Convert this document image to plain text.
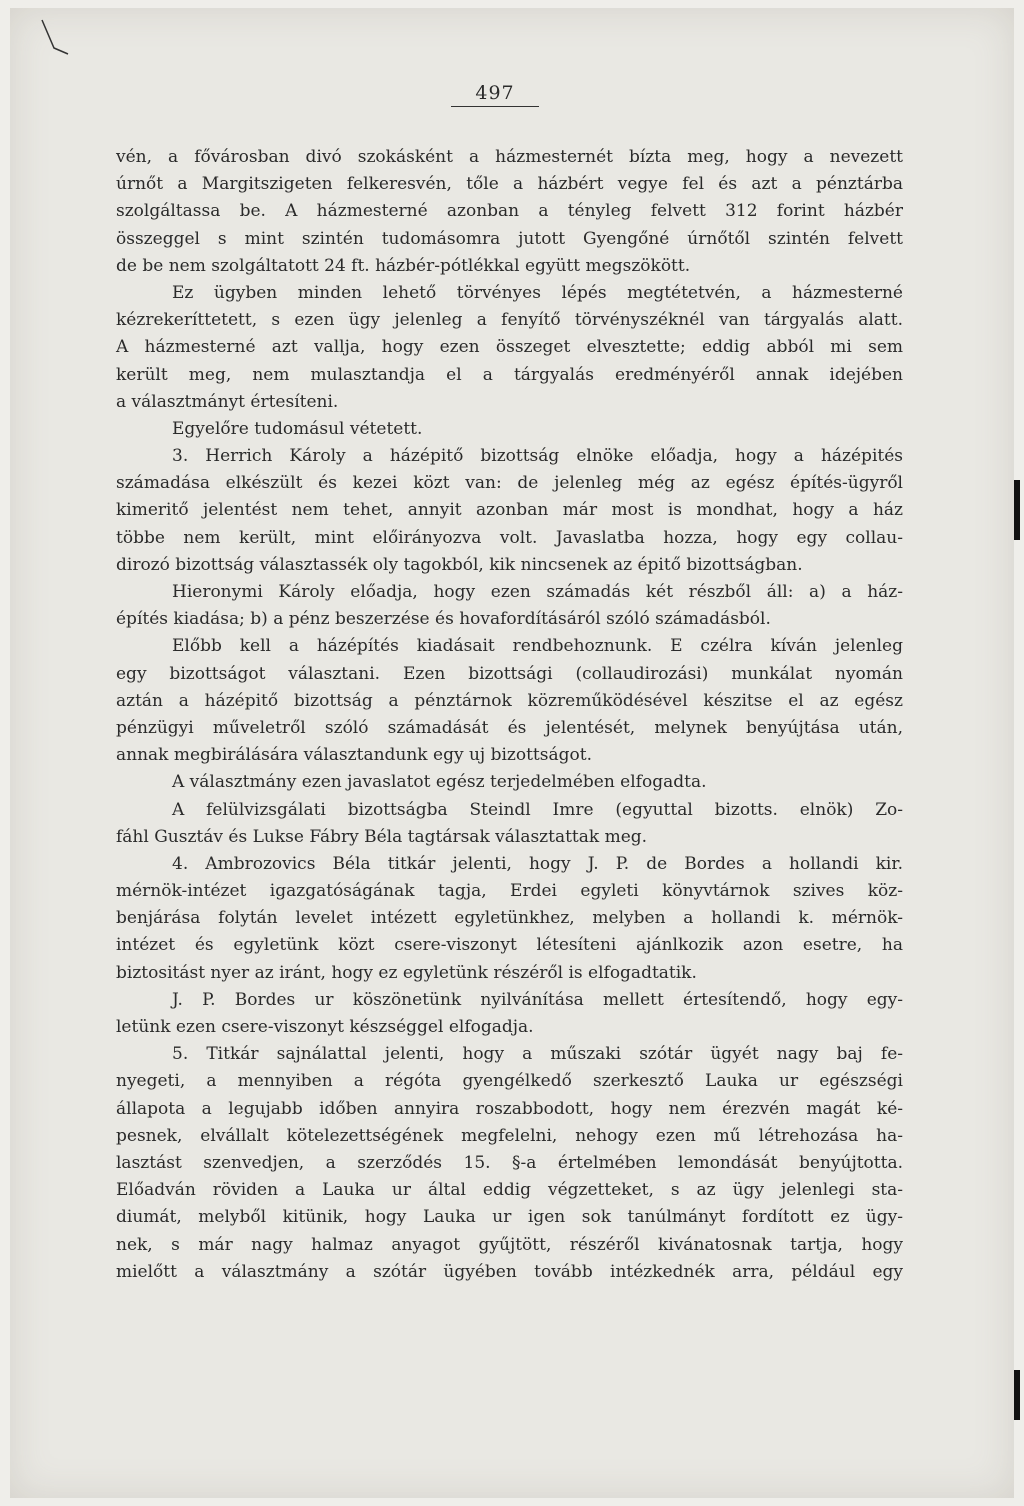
497
vén, a fővárosban divó szokásként a házmesternét bízta meg, hogy a nevezett
úrnőt a Margitszigeten felkeresvén, tőle a házbért vegye fel és azt a pénztárba
szolgáltassa be. A házmesterné azonban a tényleg felvett 312 forint házbér
összeggel s mint szintén tudomásomra jutott Gyengőné úrnőtől szintén felvett
de be nem szolgáltatott 24 ft. házbér-pótlékkal együtt megszökött.
Ez ügyben minden lehető törvényes lépés megtétetvén, a házmesterné
kézrekeríttetett, s ezen ügy jelenleg a fenyítő törvényszéknél van tárgyalás alatt.
A házmesterné azt vallja, hogy ezen összeget elvesztette; eddig abból mi sem
került meg, nem mulasztandja el a tárgyalás eredményéről annak idejében
a választmányt értesíteni.
Egyelőre tudomásul vétetett.
3. Herrich Károly a házépitő bizottság elnöke előadja, hogy a házépités
számadása elkészült és kezei közt van: de jelenleg még az egész építés-ügyről
kimeritő jelentést nem tehet, annyit azonban már most is mondhat, hogy a ház
többe nem került, mint előirányozva volt. Javaslatba hozza, hogy egy collau-
dirozó bizottság választassék oly tagokból, kik nincsenek az épitő bizottságban.
Hieronymi Károly előadja, hogy ezen számadás két részből áll: a) a ház-
építés kiadása; b) a pénz beszerzése és hovafordításáról szóló számadásból.
Előbb kell a házépítés kiadásait rendbehoznunk. E czélra kíván jelenleg
egy bizottságot választani. Ezen bizottsági (collaudirozási) munkálat nyomán
aztán a házépitő bizottság a pénztárnok közreműködésével készitse el az egész
pénzügyi műveletről szóló számadását és jelentését, melynek benyújtása után,
annak megbirálására választandunk egy uj bizottságot.
A választmány ezen javaslatot egész terjedelmében elfogadta.
A felülvizsgálati bizottságba Steindl Imre (egyuttal bizotts. elnök) Zo-
fáhl Gusztáv és Lukse Fábry Béla tagtársak választattak meg.
4. Ambrozovics Béla titkár jelenti, hogy J. P. de Bordes a hollandi kir.
mérnök-intézet igazgatóságának tagja, Erdei egyleti könyvtárnok szives köz-
benjárása folytán levelet intézett egyletünkhez, melyben a hollandi k. mérnök-
intézet és egyletünk közt csere-viszonyt létesíteni ajánlkozik azon esetre, ha
biztositást nyer az iránt, hogy ez egyletünk részéről is elfogadtatik.
J. P. Bordes ur köszönetünk nyilvánítása mellett értesítendő, hogy egy-
letünk ezen csere-viszonyt készséggel elfogadja.
5. Titkár sajnálattal jelenti, hogy a műszaki szótár ügyét nagy baj fe-
nyegeti, a mennyiben a régóta gyengélkedő szerkesztő Lauka ur egészségi
állapota a legujabb időben annyira roszabbodott, hogy nem érezvén magát ké-
pesnek, elvállalt kötelezettségének megfelelni, nehogy ezen mű létrehozása ha-
lasztást szenvedjen, a szerződés 15. §-a értelmében lemondását benyújtotta.
Előadván röviden a Lauka ur által eddig végzetteket, s az ügy jelenlegi sta-
diumát, melyből kitünik, hogy Lauka ur igen sok tanúlmányt fordított ez ügy-
nek, s már nagy halmaz anyagot gyűjtött, részéről kivánatosnak tartja, hogy
mielőtt a választmány a szótár ügyében tovább intézkednék arra, például egy
